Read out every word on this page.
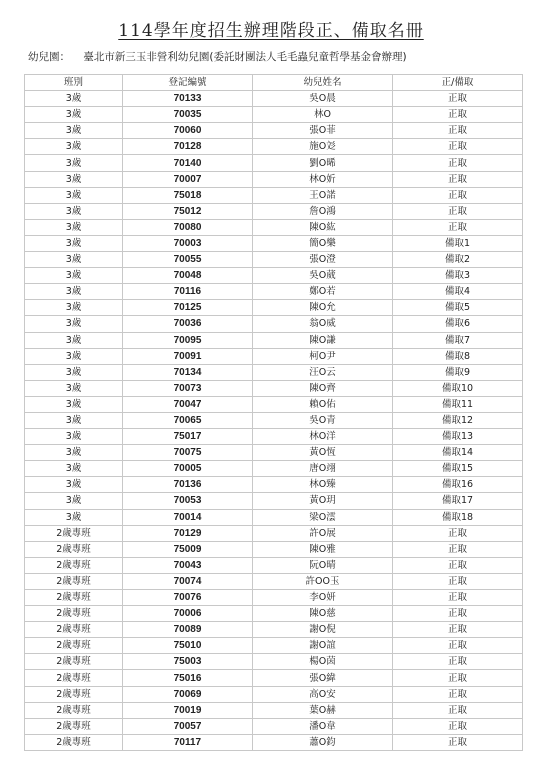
114學年度招生辦理階段正、備取名冊
幼兒園： 臺北市新三玉非營利幼兒園(委託財團法人毛毛蟲兒童哲學基金會辦理)
班別	登記編號	幼兒姓名	正/備取
3歲	70133	吳O晨	正取
3歲	70035	林O	正取
3歲	70060	張O菲	正取
3歲	70128	施O彣	正取
3歲	70140	劉O晞	正取
3歲	70007	林O妡	正取
3歲	75018	王O諾	正取
3歲	75012	詹O鴻	正取
3歲	70080	陳O紘	正取
3歲	70003	簡O樂	備取1
3歲	70055	張O澄	備取2
3歲	70048	吳O葳	備取3
3歲	70116	鄭O若	備取4
3歲	70125	陳O允	備取5
3歲	70036	翁O威	備取6
3歲	70095	陳O謙	備取7
3歲	70091	柯O尹	備取8
3歲	70134	汪O云	備取9
3歲	70073	陳O齊	備取10
3歲	70047	賴O佑	備取11
3歲	70065	吳O青	備取12
3歲	75017	林O洋	備取13
3歲	70075	黃O恆	備取14
3歲	70005	唐O翊	備取15
3歲	70136	林O臻	備取16
3歲	70053	黃O玥	備取17
3歲	70014	梁O澐	備取18
2歲專班	70129	許O展	正取
2歲專班	75009	陳O雅	正取
2歲專班	70043	阮O晴	正取
2歲專班	70074	許OO玉	正取
2歲專班	70076	李O妍	正取
2歲專班	70006	陳O慈	正取
2歲專班	70089	謝O倪	正取
2歲專班	75010	謝O誼	正取
2歲專班	75003	楊O茵	正取
2歲專班	75016	張O緯	正取
2歲專班	70069	高O安	正取
2歲專班	70019	葉O赫	正取
2歲專班	70057	潘O韋	正取
2歲專班	70117	蕭O鈞	正取
